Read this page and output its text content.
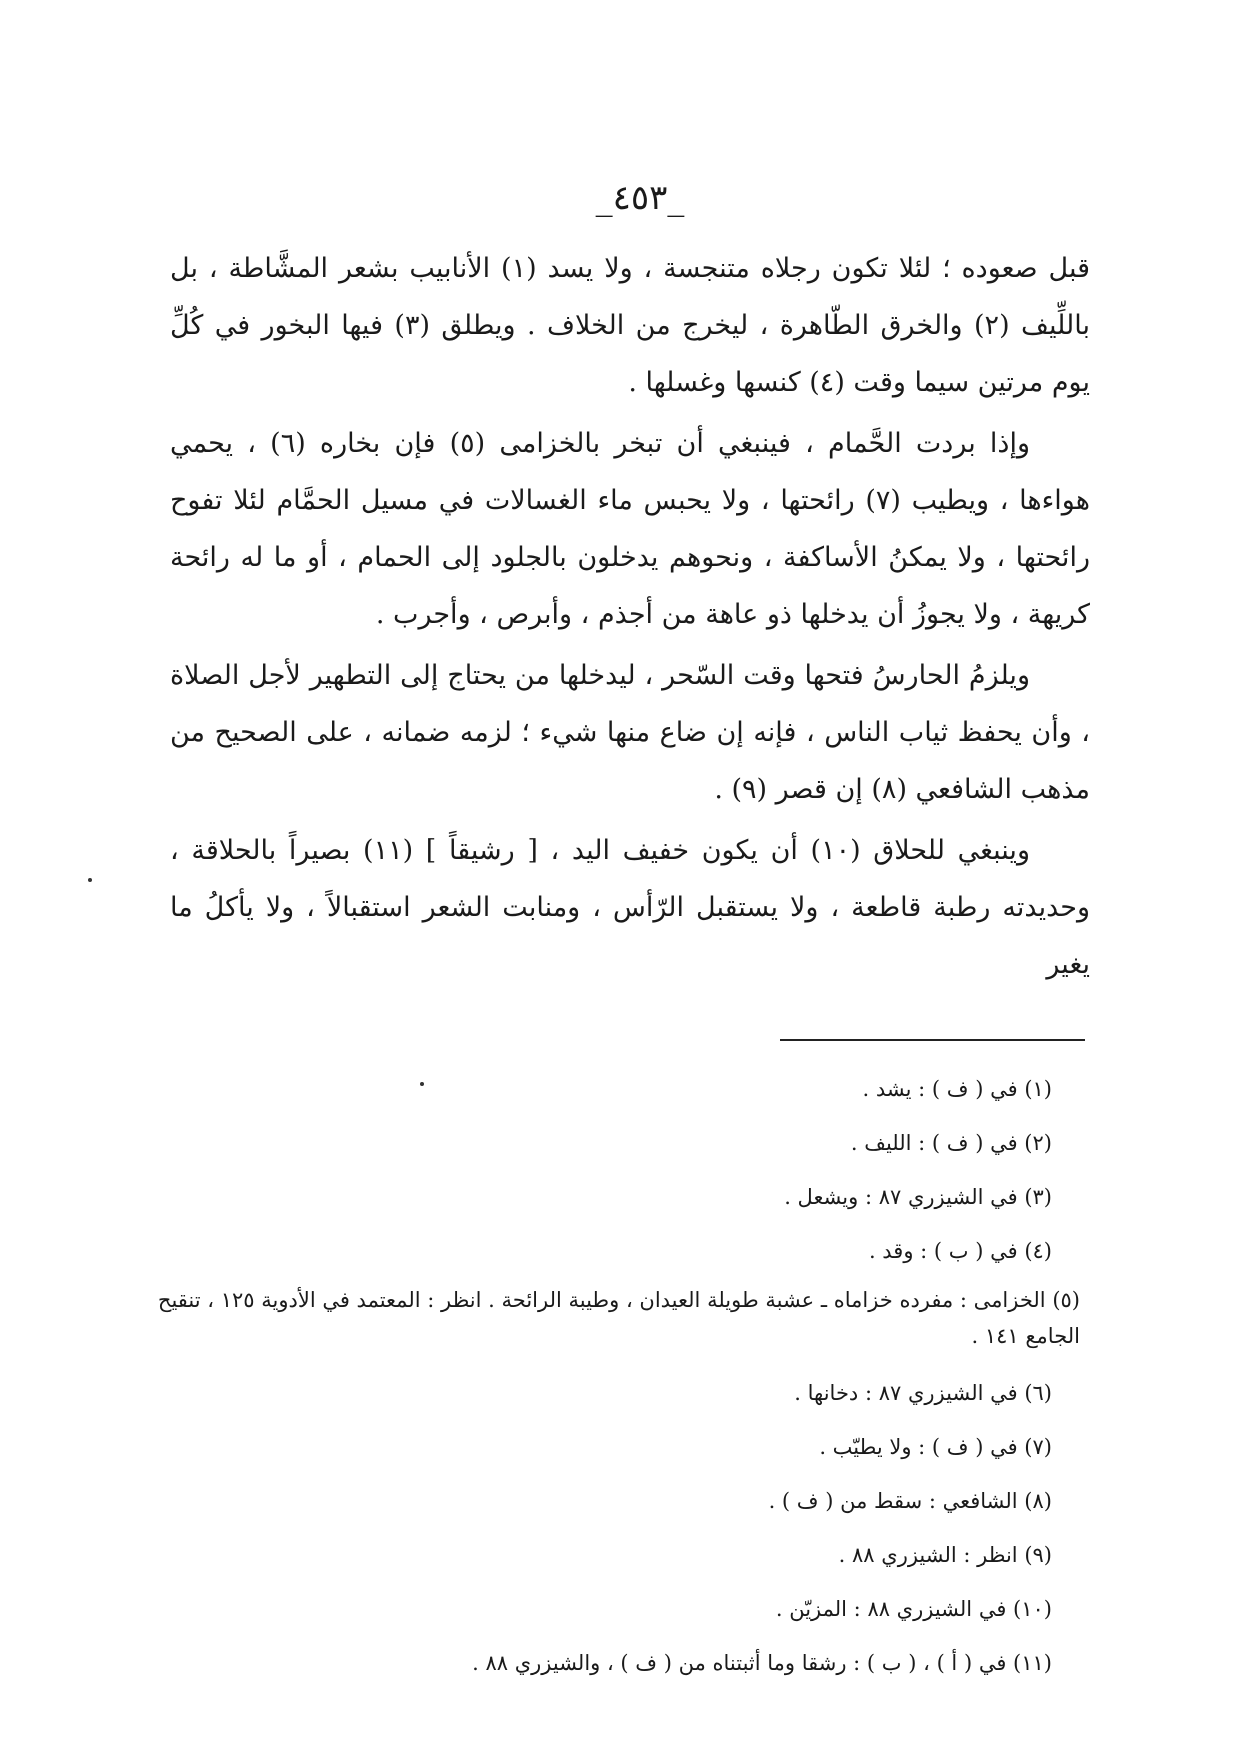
_٤٥٣_

قبل صعوده ؛ لئلا تكون رجلاه متنجسة ، ولا يسد (١) الأنابيب بشعر المشَّاطة ، بل باللِّيف (٢) والخرق الطّاهرة ، ليخرج من الخلاف . ويطلق (٣) فيها البخور في كُلِّ يوم مرتين سيما وقت (٤) كنسها وغسلها .

وإذا بردت الحَّمام ، فينبغي أن تبخر بالخزامى (٥) فإن بخاره (٦) ، يحمي هواءها ، ويطيب (٧) رائحتها ، ولا يحبس ماء الغسالات في مسيل الحمَّام لئلا تفوح رائحتها ، ولا يمكنُ الأساكفة ، ونحوهم يدخلون بالجلود إلى الحمام ، أو ما له رائحة كريهة ، ولا يجوزُ أن يدخلها ذو عاهة من أجذم ، وأبرص ، وأجرب .

ويلزمُ الحارسُ فتحها وقت السّحر ، ليدخلها من يحتاج إلى التطهير لأجل الصلاة ، وأن يحفظ ثياب الناس ، فإنه إن ضاع منها شيء ؛ لزمه ضمانه ، على الصحيح من مذهب الشافعي (٨) إن قصر (٩) .

وينبغي للحلاق (١٠) أن يكون خفيف اليد ، [ رشيقاً ] (١١) بصيراً بالحلاقة ، وحديدته رطبة قاطعة ، ولا يستقبل الرّأس ، ومنابت الشعر استقبالاً ، ولا يأكلُ ما يغير

(١) في ( ف ) : يشد .

(٢) في ( ف ) : الليف .

(٣) في الشيزري ٨٧ : ويشعل .

(٤) في ( ب ) : وقد .

(٥) الخزامى : مفرده خزاماه ـ عشبة طويلة العيدان ، وطيبة الرائحة . انظر : المعتمد في الأدوية ١٢٥ ، تنقيح الجامع ١٤١ .

(٦) في الشيزري ٨٧ : دخانها .

(٧) في ( ف ) : ولا يطيّب .

(٨) الشافعي : سقط من ( ف ) .

(٩) انظر : الشيزري ٨٨ .

(١٠) في الشيزري ٨٨ : المزيّن .

(١١) في ( أ ) ، ( ب ) : رشقا وما أثبتناه من ( ف ) ، والشيزري ٨٨ .
